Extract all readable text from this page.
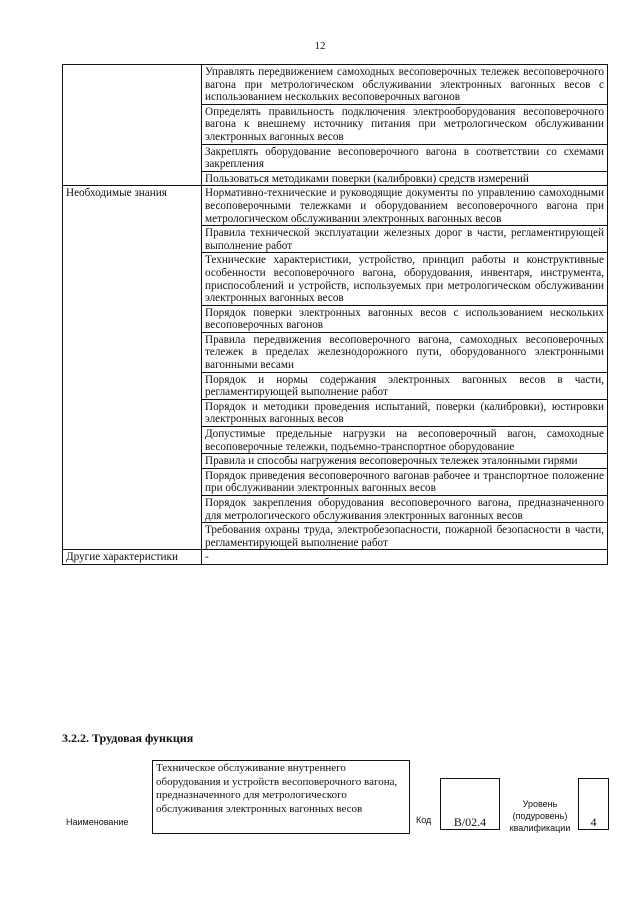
12
	Управлять передвижением самоходных весоповерочных тележек весоповерочного вагона при метрологическом обслуживании электронных вагонных весов с использованием нескольких весоповерочных вагонов
	Определять правильность подключения электрооборудования весоповерочного вагона к внешнему источнику питания при метрологическом обслуживании электронных вагонных весов
	Закреплять оборудование весоповерочного вагона в соответствии со схемами закрепления
	Пользоваться методиками поверки (калибровки) средств измерений
Необходимые знания	Нормативно-технические и руководящие документы по управлению самоходными весоповерочными тележками и оборудованием весоповерочного вагона при метрологическом обслуживании электронных вагонных весов
	Правила технической эксплуатации железных дорог в части, регламентирующей выполнение работ
	Технические характеристики, устройство, принцип работы и конструктивные особенности весоповерочного вагона, оборудования, инвентаря, инструмента, приспособлений и устройств, используемых при метрологическом обслуживании электронных вагонных весов
	Порядок поверки электронных вагонных весов с использованием нескольких весоповерочных вагонов
	Правила передвижения весоповерочного вагона, самоходных весоповерочных тележек в пределах железнодорожного пути, оборудованного электронными вагонными весами
	Порядок и нормы содержания электронных вагонных весов в части, регламентирующей выполнение работ
	Порядок и методики проведения испытаний, поверки (калибровки), юстировки электронных вагонных весов
	Допустимые предельные нагрузки на весоповерочный вагон, самоходные весоповерочные тележки, подъемно-транспортное оборудование
	Правила и способы нагружения весоповерочных тележек эталонными гирями
	Порядок приведения весоповерочного вагонав рабочее и транспортное положение при обслуживании электронных вагонных весов
	Порядок закрепления оборудования весоповерочного вагона, предназначенного для метрологического обслуживания электронных вагонных весов
	Требования охраны труда, электробезопасности, пожарной безопасности в части, регламентирующей выполнение работ
Другие характеристики	-
3.2.2. Трудовая функция
Наименование
Техническое обслуживание внутреннего оборудования и устройств весоповерочного вагона, предназначенного для метрологического обслуживания электронных вагонных весов
Код	B/02.4
Уровень (подуровень) квалификации	4
